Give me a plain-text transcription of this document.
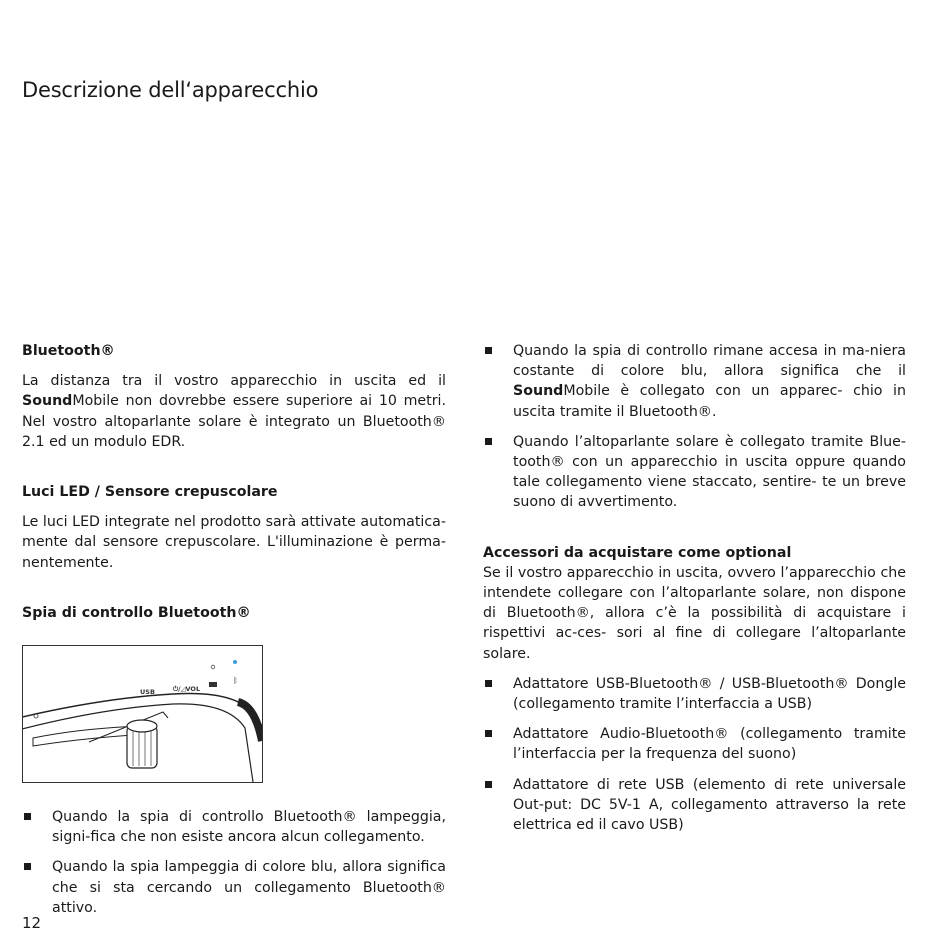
Descrizione dell‘apparecchio

Bluetooth®

La distanza tra il vostro apparecchio in uscita ed il SoundMobile non dovrebbe essere superiore ai 10 metri. Nel vostro altoparlante solare è integrato un Bluetooth® 2.1 ed un modulo EDR.

Luci LED / Sensore crepuscolare

Le luci LED integrate nel prodotto sarà attivate automatica-mente dal sensore crepuscolare. L'illuminazione è perma-nentemente.

Spia di controllo Bluetooth®

ᛒ
USB	⏻/◿VOL

Quando la spia di controllo Bluetooth® lampeggia, signi-fica che non esiste ancora alcun collegamento.

Quando la spia lampeggia di colore blu, allora significa che si sta cercando un collegamento Bluetooth® attivo.

Quando la spia di controllo rimane accesa in ma-niera costante di colore blu, allora significa che il SoundMobile è collegato con un apparec- chio in uscita tramite il Bluetooth®.

Quando l’altoparlante solare è collegato tramite Blue-tooth® con un apparecchio in uscita oppure quando tale collegamento viene staccato, sentire- te un breve suono di avvertimento.

Accessori da acquistare come optional

Se il vostro apparecchio in uscita, ovvero l’apparecchio che intendete collegare con l’altoparlante solare, non dispone di Bluetooth®, allora c’è la possibilità di acquistare i rispettivi ac-ces- sori al fine di collegare l’altoparlante solare.

Adattatore USB-Bluetooth® / USB-Bluetooth® Dongle (collegamento tramite l’interfaccia a USB)

Adattatore Audio-Bluetooth® (collegamento tramite l’interfaccia per la frequenza del suono)

Adattatore di rete USB (elemento di rete universale Out-put: DC 5V-1 A, collegamento attraverso la rete elettrica ed il cavo USB)

12
